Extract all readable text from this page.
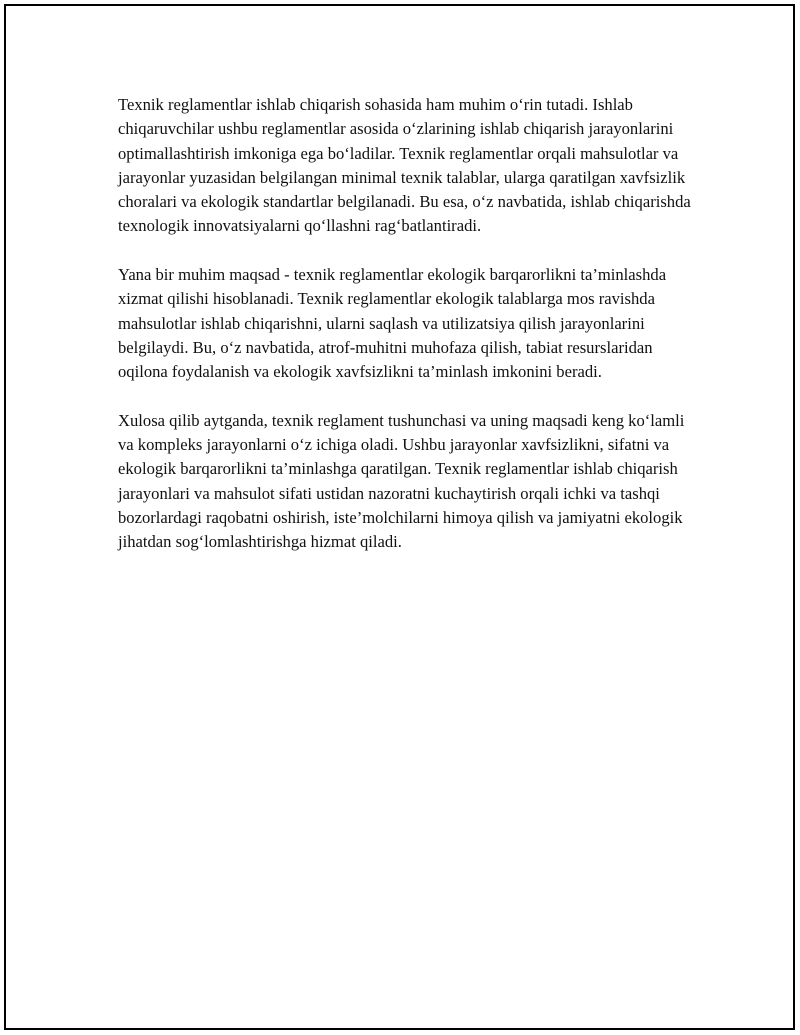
Texnik reglamentlar ishlab chiqarish sohasida ham muhim o‘rin tutadi. Ishlab chiqaruvchilar ushbu reglamentlar asosida o‘zlarining ishlab chiqarish jarayonlarini optimallashtirish imkoniga ega bo‘ladilar. Texnik reglamentlar orqali mahsulotlar va jarayonlar yuzasidan belgilangan minimal texnik talablar, ularga qaratilgan xavfsizlik choralari va ekologik standartlar belgilanadi. Bu esa, o‘z navbatida, ishlab chiqarishda texnologik innovatsiyalarni qo‘llashni rag‘batlantiradi.

Yana bir muhim maqsad - texnik reglamentlar ekologik barqarorlikni ta’minlashda xizmat qilishi hisoblanadi. Texnik reglamentlar ekologik talablarga mos ravishda mahsulotlar ishlab chiqarishni, ularni saqlash va utilizatsiya qilish jarayonlarini belgilaydi. Bu, o‘z navbatida, atrof-muhitni muhofaza qilish, tabiat resurslaridan oqilona foydalanish va ekologik xavfsizlikni ta’minlash imkonini beradi.

Xulosa qilib aytganda, texnik reglament tushunchasi va uning maqsadi keng ko‘lamli va kompleks jarayonlarni o‘z ichiga oladi. Ushbu jarayonlar xavfsizlikni, sifatni va ekologik barqarorlikni ta’minlashga qaratilgan. Texnik reglamentlar ishlab chiqarish jarayonlari va mahsulot sifati ustidan nazoratni kuchaytirish orqali ichki va tashqi bozorlardagi raqobatni oshirish, iste’molchilarni himoya qilish va jamiyatni ekologik jihatdan sog‘lomlashtirishga hizmat qiladi.
